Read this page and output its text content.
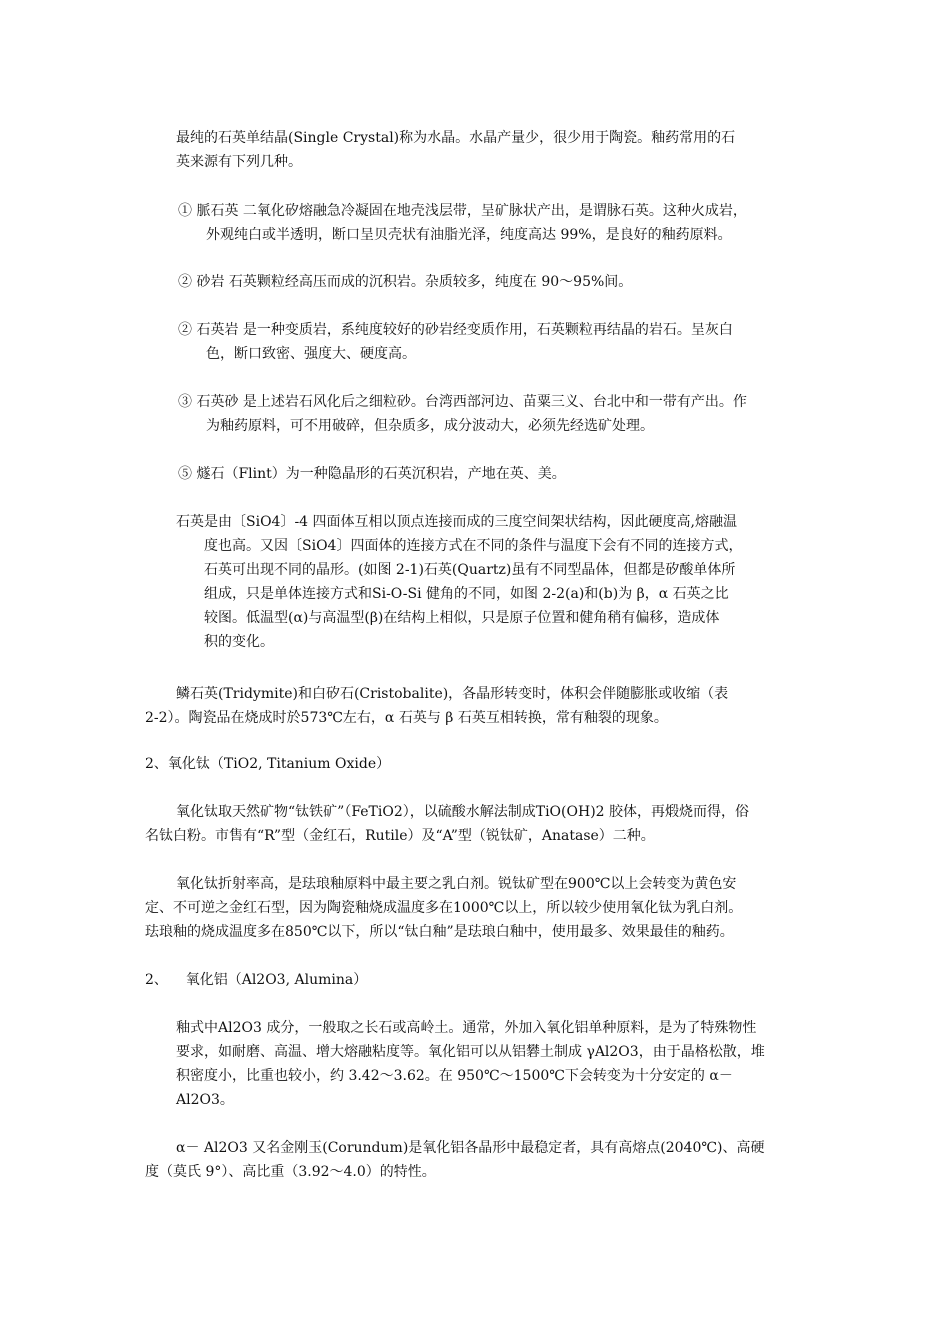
最纯的石英单结晶(Single Crystal)称为水晶。水晶产量少，很少用于陶瓷。釉药常用的石
英来源有下列几种。
① 脈石英 二氧化矽熔融急冷凝固在地壳浅层带，呈矿脉状产出，是谓脉石英。这种火成岩，
外观纯白或半透明，断口呈贝壳状有油脂光泽，纯度高达 99%，是良好的釉药原料。
② 砂岩 石英颗粒经高压而成的沉积岩。杂质较多，纯度在 90～95%间。
② 石英岩 是一种变质岩，系纯度较好的砂岩经变质作用，石英颗粒再结晶的岩石。呈灰白
色，断口致密、强度大、硬度高。
③ 石英砂 是上述岩石风化后之细粒砂。台湾西部河边、苗粟三义、台北中和一带有产出。作
为釉药原料，可不用破碎，但杂质多，成分波动大，必须先经选矿处理。
⑤ 燧石（Flint）为一种隐晶形的石英沉积岩，产地在英、美。
石英是由〔SiO4〕-4 四面体互相以顶点连接而成的三度空间架状结构，因此硬度高,熔融温
度也高。又因〔SiO4〕四面体的连接方式在不同的条件与温度下会有不同的连接方式，
石英可出现不同的晶形。(如图 2-1)石英(Quartz)虽有不同型晶体，但都是矽酸单体所
组成，只是单体连接方式和Si-O-Si 健角的不同，如图 2-2(a)和(b)为 β，α 石英之比
较图。低温型(α)与高温型(β)在结构上相似，只是原子位置和健角稍有偏移，造成体
积的变化。
鳞石英(Tridymite)和白矽石(Cristobalite)，各晶形转变时，体积会伴随膨胀或收缩（表
2-2）。陶瓷品在烧成时於573℃左右，α 石英与 β 石英互相转换，常有釉裂的现象。
2、氧化钛（TiO2, Titanium Oxide）
氧化钛取天然矿物“钛铁矿”（FeTiO2），以硫酸水解法制成TiO(OH)2 胶体，再煅烧而得，俗
名钛白粉。市售有“R”型（金红石，Rutile）及“A”型（锐钛矿，Anatase）二种。
氧化钛折射率高，是珐琅釉原料中最主要之乳白剂。锐钛矿型在900℃以上会转变为黄色安
定、不可逆之金红石型，因为陶瓷釉烧成温度多在1000℃以上，所以较少使用氧化钛为乳白剂。
珐琅釉的烧成温度多在850℃以下，所以“钛白釉”是珐琅白釉中，使用最多、效果最佳的釉药。
2、    氧化铝（Al2O3, Alumina）
釉式中Al2O3 成分，一般取之长石或高岭土。通常，外加入氧化铝单种原料，是为了特殊物性
要求，如耐磨、高温、增大熔融粘度等。氧化铝可以从铝礬土制成 γAl2O3，由于晶格松散，堆
积密度小，比重也较小，约 3.42～3.62。在 950℃～1500℃下会转变为十分安定的 α－
Al2O3。
α－ Al2O3 又名金刚玉(Corundum)是氧化铝各晶形中最稳定者，具有高熔点(2040℃)、高硬
度（莫氏 9°）、高比重（3.92～4.0）的特性。
